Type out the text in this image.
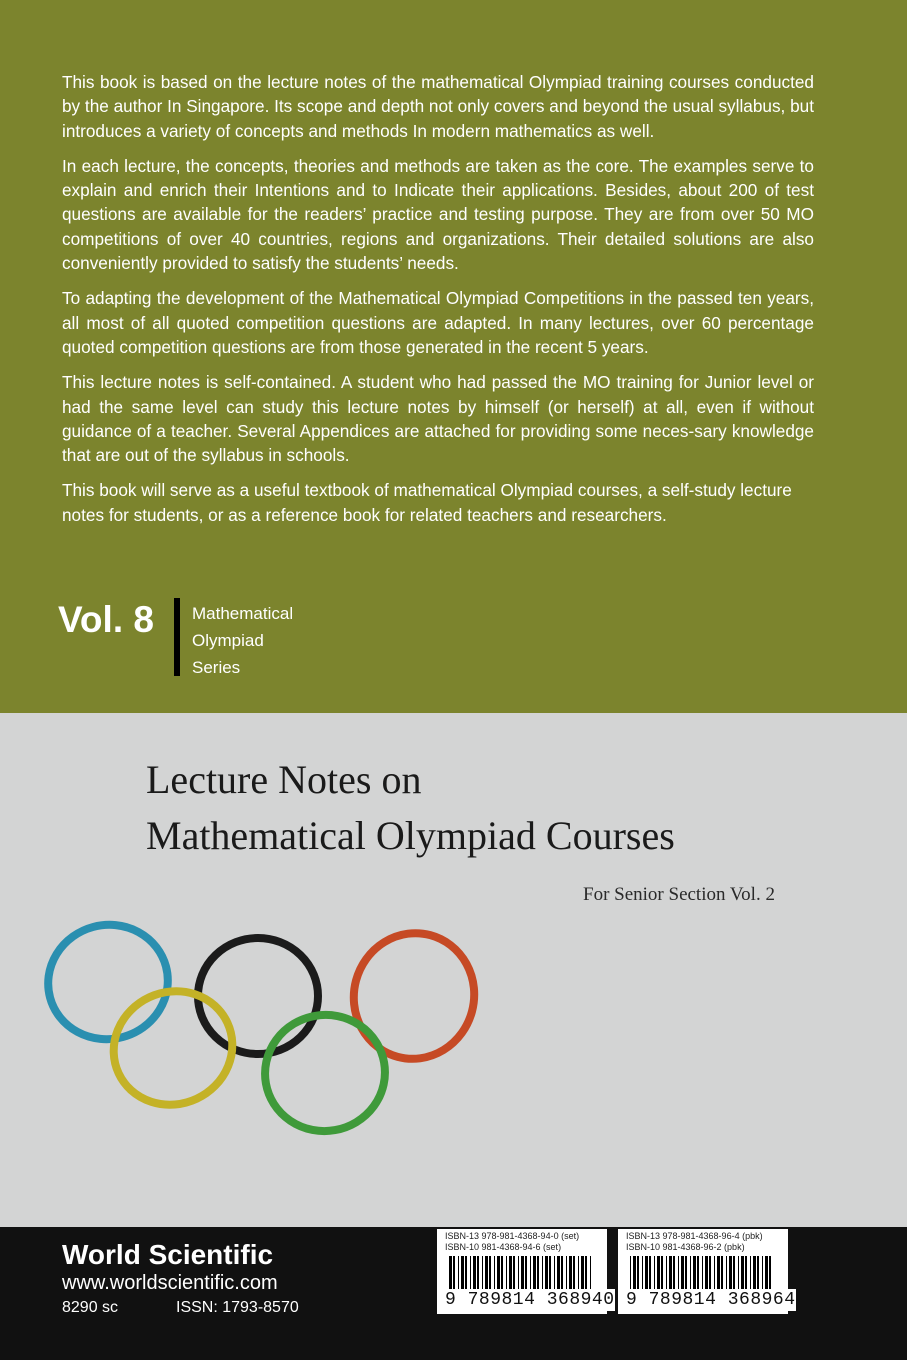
This book is based on the lecture notes of the mathematical Olympiad training courses conducted by the author In Singapore. Its scope and depth not only covers and beyond the usual syllabus, but introduces a variety of concepts and methods In modern mathematics as well.

In each lecture, the concepts, theories and methods are taken as the core. The examples serve to explain and enrich their Intentions and to Indicate their applications. Besides, about 200 of test questions are available for the readers’ practice and testing purpose. They are from over 50 MO competitions of over 40 countries, regions and organizations. Their detailed solutions are also conveniently provided to satisfy the students’ needs.

To adapting the development of the Mathematical Olympiad Competitions in the passed ten years, all most of all quoted competition questions are adapted. In many lectures, over 60 percentage quoted competition questions are from those generated in the recent 5 years.

This lecture notes is self-contained. A student who had passed the MO training for Junior level or had the same level can study this lecture notes by himself (or herself) at all, even if without guidance of a teacher. Several Appendices are attached for providing some neces-sary knowledge that are out of the syllabus in schools.

This book will serve as a useful textbook of mathematical Olympiad courses, a self-study lecture notes for students, or as a reference book for related teachers and researchers.

Vol. 8 Mathematical
Olympiad
Series
Lecture Notes on
Mathematical Olympiad Courses
For Senior Section Vol. 2
World Scientific
www.worldscientific.com
8290 sc	ISSN: 1793-8570
ISBN-13 978-981-4368-94-0 (set)
ISBN-10 981-4368-94-6 (set)
9 789814 368940
ISBN-13 978-981-4368-96-4 (pbk)
ISBN-10 981-4368-96-2 (pbk)
9 789814 368964
